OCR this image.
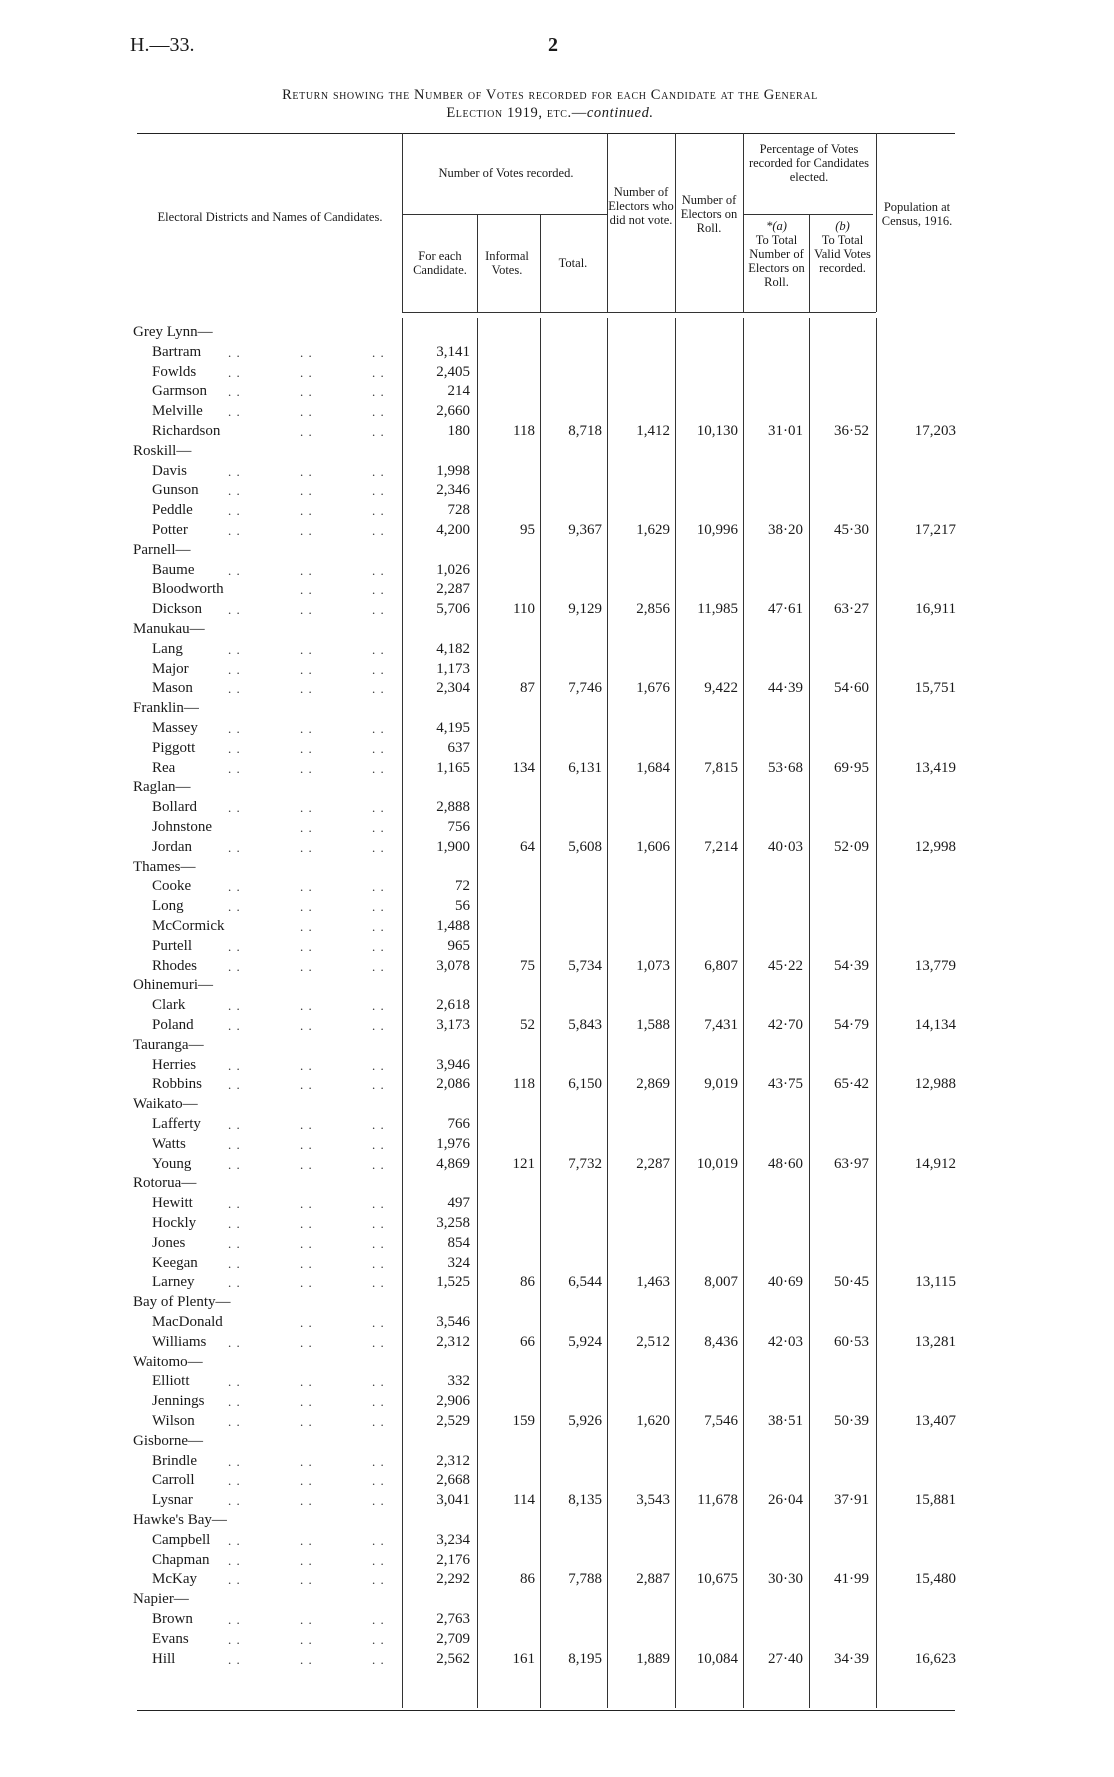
H.—33.	2
Return showing the Number of Votes recorded for each Candidate at the General
Election 1919, etc.—continued.
Electoral Districts and Names of Candidates.
Number of Votes recorded.
For each Candidate.
Informal Votes.	Total.
Number of Electors who did not vote.
Number of Electors on Roll.
Percentage of Votes recorded for Candidates elected.
*(a)
To Total Number of Electors on Roll.
(b)
To Total Valid Votes recorded.
Population at Census, 1916.
Grey Lynn—
Bartram	. .
. .
. .	3,141
Fowlds	. .
. .
. .	2,405
Garmson	. .
. .
. .	214
Melville	. .
. .
. .	2,660
Richardson	. .
. .	180	118 8,718 1,412 10,130 31·01 36·52	17,203
Roskill—
Davis	. .
. .
. .	1,998
Gunson	. .
. .
. .	2,346
Peddle	. .
. .
. .	728
Potter	. .
. .
. .	4,200	95 9,367 1,629 10,996 38·20 45·30	17,217
Parnell—
Baume	. .
. .
. .	1,026
Bloodworth	. .
. .	2,287
Dickson	. .
. .
. .	5,706	110 9,129 2,856 11,985 47·61 63·27	16,911
Manukau—
Lang	. .
. .
. .	4,182
Major	. .
. .
. .	1,173
Mason	. .
. .
. .	2,304	87 7,746 1,676 9,422 44·39 54·60	15,751
Franklin—
Massey	. .
. .
. .	4,195
Piggott	. .
. .
. .	637
Rea	. .
. .
. .	1,165	134 6,131 1,684 7,815 53·68 69·95	13,419
Raglan—
Bollard	. .
. .
. .	2,888
Johnstone	. .
. .	756
Jordan	. .
. .
. .	1,900	64 5,608 1,606 7,214 40·03 52·09	12,998
Thames—
Cooke	. .
. .
. .	72
Long	. .
. .
. .	56
McCormick	. .
. .	1,488
Purtell	. .
. .
. .	965
Rhodes	. .
. .
. .	3,078	75 5,734 1,073 6,807 45·22 54·39	13,779
Ohinemuri—
Clark	. .
. .
. .	2,618
Poland	. .
. .
. .	3,173	52 5,843 1,588 7,431 42·70 54·79	14,134
Tauranga—
Herries	. .
. .
. .	3,946
Robbins	. .
. .
. .	2,086	118 6,150 2,869 9,019 43·75 65·42	12,988
Waikato—
Lafferty	. .
. .
. .	766
Watts	. .
. .
. .	1,976
Young	. .
. .
. .	4,869	121 7,732 2,287 10,019 48·60 63·97	14,912
Rotorua—
Hewitt	. .
. .
. .	497
Hockly	. .
. .
. .	3,258
Jones	. .
. .
. .	854
Keegan	. .
. .
. .	324
Larney	. .
. .
. .	1,525	86 6,544 1,463 8,007 40·69 50·45	13,115
Bay of Plenty—
MacDonald	. .
. .	3,546
Williams	. .
. .
. .	2,312	66 5,924 2,512 8,436 42·03 60·53	13,281
Waitomo—
Elliott	. .
. .
. .	332
Jennings	. .
. .
. .	2,906
Wilson	. .
. .
. .	2,529	159 5,926 1,620 7,546 38·51 50·39	13,407
Gisborne—
Brindle	. .
. .
. .	2,312
Carroll	. .
. .
. .	2,668
Lysnar	. .
. .
. .	3,041	114 8,135 3,543 11,678 26·04 37·91	15,881
Hawke's Bay—
Campbell	. .
. .
. .	3,234
Chapman	. .
. .
. .	2,176
McKay	. .
. .
. .	2,292	86 7,788 2,887 10,675 30·30 41·99	15,480
Napier—
Brown	. .
. .
. .	2,763
Evans	. .
. .
. .	2,709
Hill	. .
. .
. .	2,562	161 8,195 1,889 10,084 27·40 34·39	16,623
